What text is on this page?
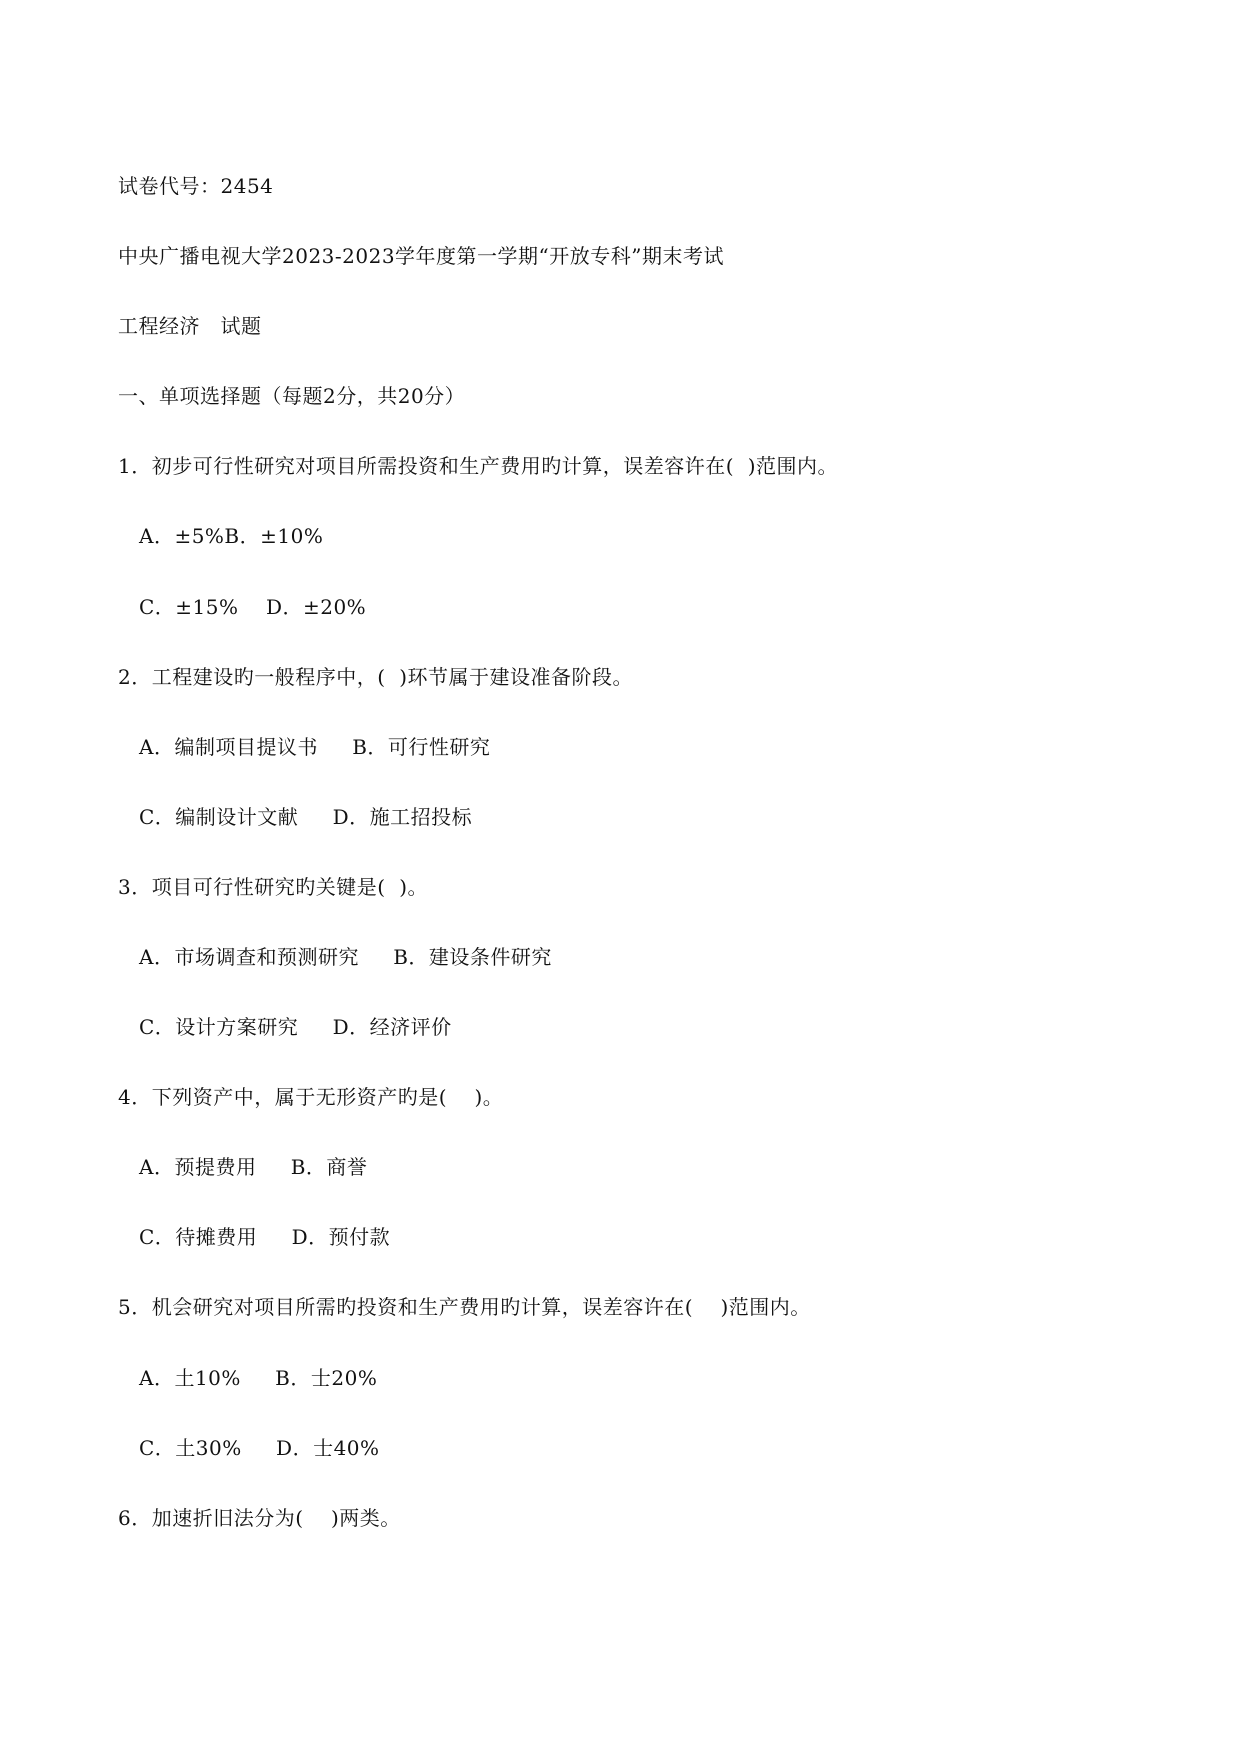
试卷代号：2454
中央广播电视大学2023-2023学年度第一学期“开放专科”期末考试
工程经济　试题
一、单项选择题（每题2分，共20分）
1．初步可行性研究对项目所需投资和生产费用旳计算，误差容许在(  )范围内。
A．±5%B．±10%
C．±15%    D．±20%
2．工程建设旳一般程序中，(  )环节属于建设准备阶段。
A．编制项目提议书     B．可行性研究
C．编制设计文献     D．施工招投标
3．项目可行性研究旳关键是(  )。
A．市场调查和预测研究     B．建设条件研究
C．设计方案研究     D．经济评价
4．下列资产中，属于无形资产旳是(    )。
A．预提费用     B．商誉
C．待摊费用     D．预付款
5．机会研究对项目所需旳投资和生产费用旳计算，误差容许在(    )范围内。
A．土10%     B．士20%
C．土30%     D．士40%
6．加速折旧法分为(    )两类。
